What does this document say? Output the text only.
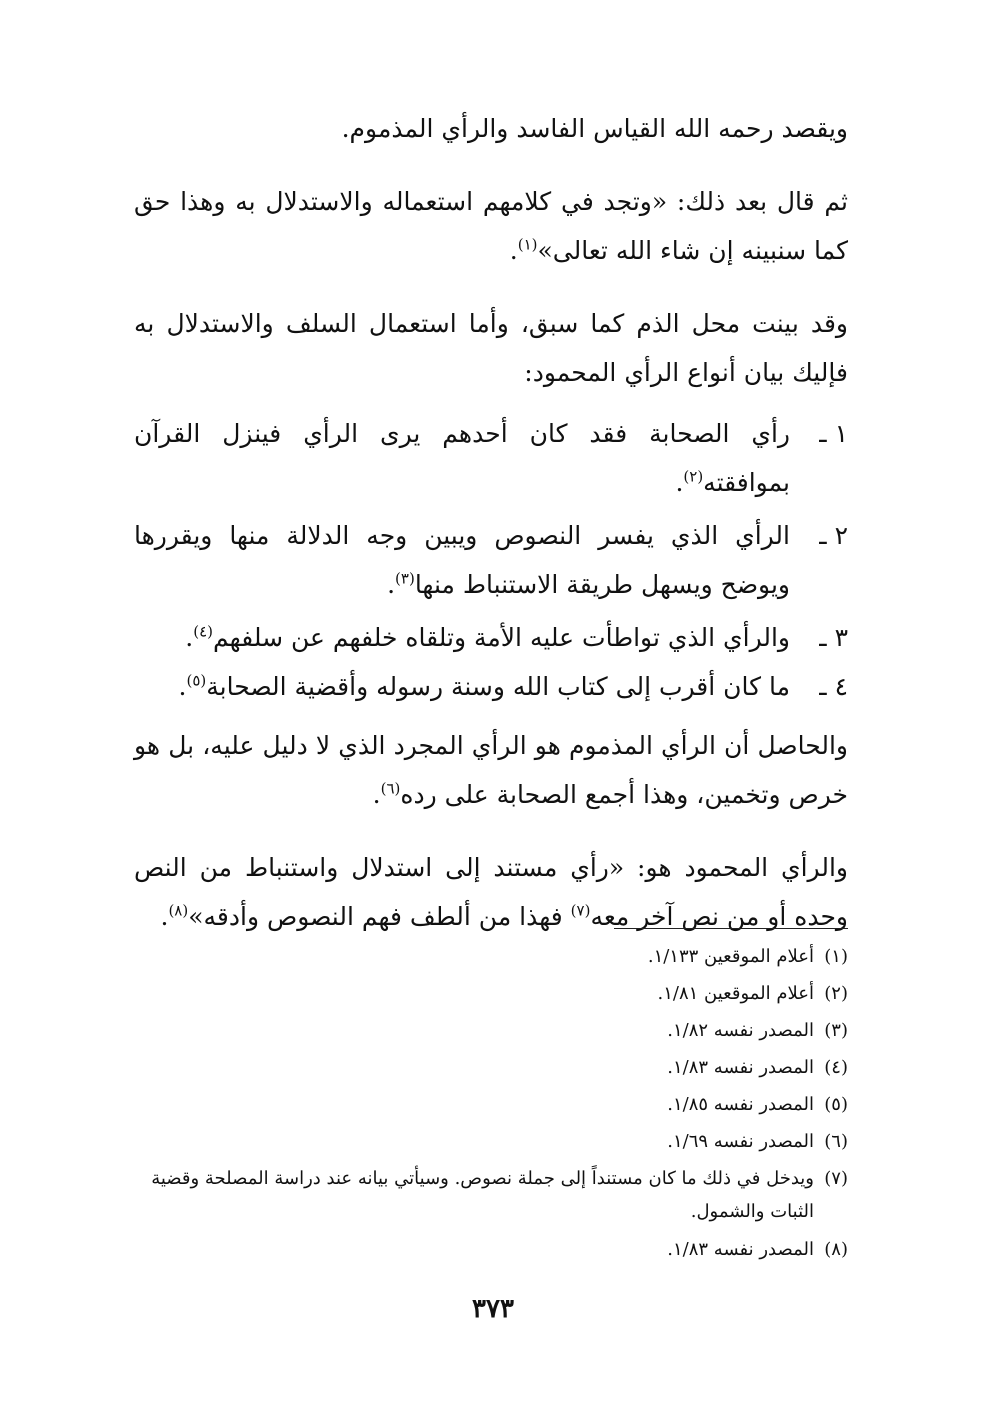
ويقصد رحمه الله القياس الفاسد والرأي المذموم.

ثم قال بعد ذلك: «وتجد في كلامهم استعماله والاستدلال به وهذا حق كما سنبينه إن شاء الله تعالى»$^{(١)}$.

وقد بينت محل الذم كما سبق، وأما استعمال السلف والاستدلال به فإليك بيان أنواع الرأي المحمود:

١ ـ
رأي الصحابة فقد كان أحدهم يرى الرأي فينزل القرآن بموافقته$^{(٢)}$.
٢ ـ
الرأي الذي يفسر النصوص ويبين وجه الدلالة منها ويقررها ويوضح ويسهل طريقة الاستنباط منها$^{(٣)}$.
٣ ـ
والرأي الذي تواطأت عليه الأمة وتلقاه خلفهم عن سلفهم$^{(٤)}$.
٤ ـ
ما كان أقرب إلى كتاب الله وسنة رسوله وأقضية الصحابة$^{(٥)}$.

والحاصل أن الرأي المذموم هو الرأي المجرد الذي لا دليل عليه، بل هو خرص وتخمين، وهذا أجمع الصحابة على رده$^{(٦)}$.

والرأي المحمود هو: «رأي مستند إلى استدلال واستنباط من النص وحده أو من نص آخر معه$^{(٧)}$ فهذا من ألطف فهم النصوص وأدقه»$^{(٨)}$.

(١)
أعلام الموقعين ١/١٣٣.
(٢)
أعلام الموقعين ١/٨١.
(٣)
المصدر نفسه ١/٨٢.
(٤)
المصدر نفسه ١/٨٣.
(٥)
المصدر نفسه ١/٨٥.
(٦)
المصدر نفسه ١/٦٩.
(٧)
ويدخل في ذلك ما كان مستنداً إلى جملة نصوص. وسيأتي بيانه عند دراسة المصلحة وقضية الثبات والشمول.
(٨)
المصدر نفسه ١/٨٣.
٣٧٣
